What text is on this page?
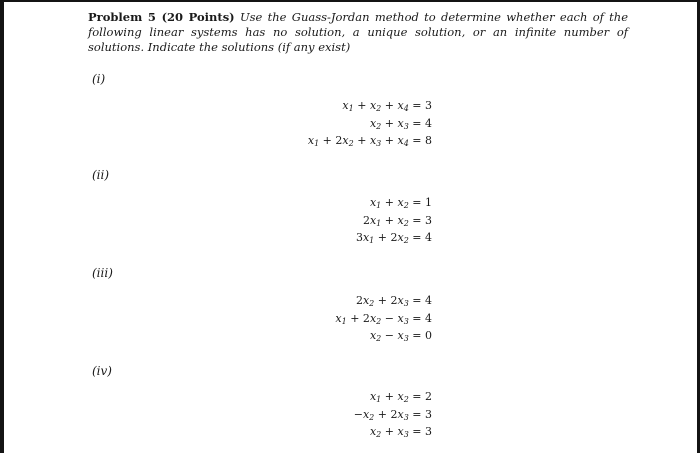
Problem 5 (20 Points) Use the Guass-Jordan method to determine whether each of the following linear systems has no solution, a unique solution, or an infinite number of solutions. Indicate the solutions (if any exist)
(i)
$x_1 + x_2 + x_4 = 3$
$x_2 + x_3 = 4$
$x_1 + 2x_2 + x_3 + x_4 = 8$
(ii)
$x_1 + x_2 = 1$
$2x_1 + x_2 = 3$
$3x_1 + 2x_2 = 4$
(iii)
$2x_2 + 2x_3 = 4$
$x_1 + 2x_2 - x_3 = 4$
$x_2 - x_3 = 0$
(iv)
$x_1 + x_2 = 2$
$-x_2 + 2x_3 = 3$
$x_2 + x_3 = 3$
